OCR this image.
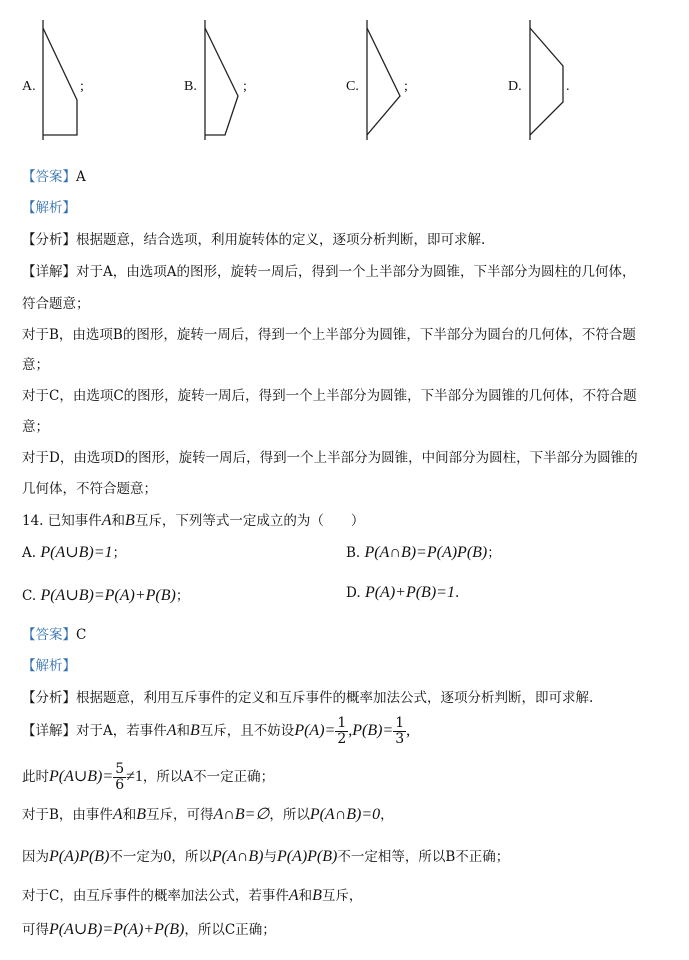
A.	;	B.	;	C.	;	D.	.
【答案】A
【解析】
【分析】根据题意，结合选项，利用旋转体的定义，逐项分析判断，即可求解.
【详解】对于A，由选项A的图形，旋转一周后，得到一个上半部分为圆锥，下半部分为圆柱的几何体，
符合题意；
对于B，由选项B的图形，旋转一周后，得到一个上半部分为圆锥，下半部分为圆台的几何体，不符合题
意；
对于C，由选项C的图形，旋转一周后，得到一个上半部分为圆锥，下半部分为圆锥的几何体，不符合题
意；
对于D，由选项D的图形，旋转一周后，得到一个上半部分为圆锥，中间部分为圆柱，下半部分为圆锥的
几何体，不符合题意；
14. 已知事件A和B互斥，下列等式一定成立的为（　　）
A. P(A∪B)=1；	B. P(A∩B)=P(A)P(B)；
C. P(A∪B)=P(A)+P(B)；	D. P(A)+P(B)=1.
【答案】C
【解析】
【分析】根据题意，利用互斥事件的定义和互斥事件的概率加法公式，逐项分析判断，即可求解.
【详解】对于A，若事件A和B互斥，且不妨设$P(A)= \frac{1}{2} ,P(B)= \frac{1}{3}$ ,
此时P(A∪B)= $\frac{5}{6} \ne 1$，所以A不一定正确；
对于B，由事件A和B互斥，可得A∩B=∅，所以P(A∩B)=0，
因为P(A)P(B)不一定为0，所以P(A∩B)与P(A)P(B)不一定相等，所以B不正确；
对于C，由互斥事件的概率加法公式，若事件A和B互斥，
可得P(A∪B)=P(A)+P(B)，所以C正确；
